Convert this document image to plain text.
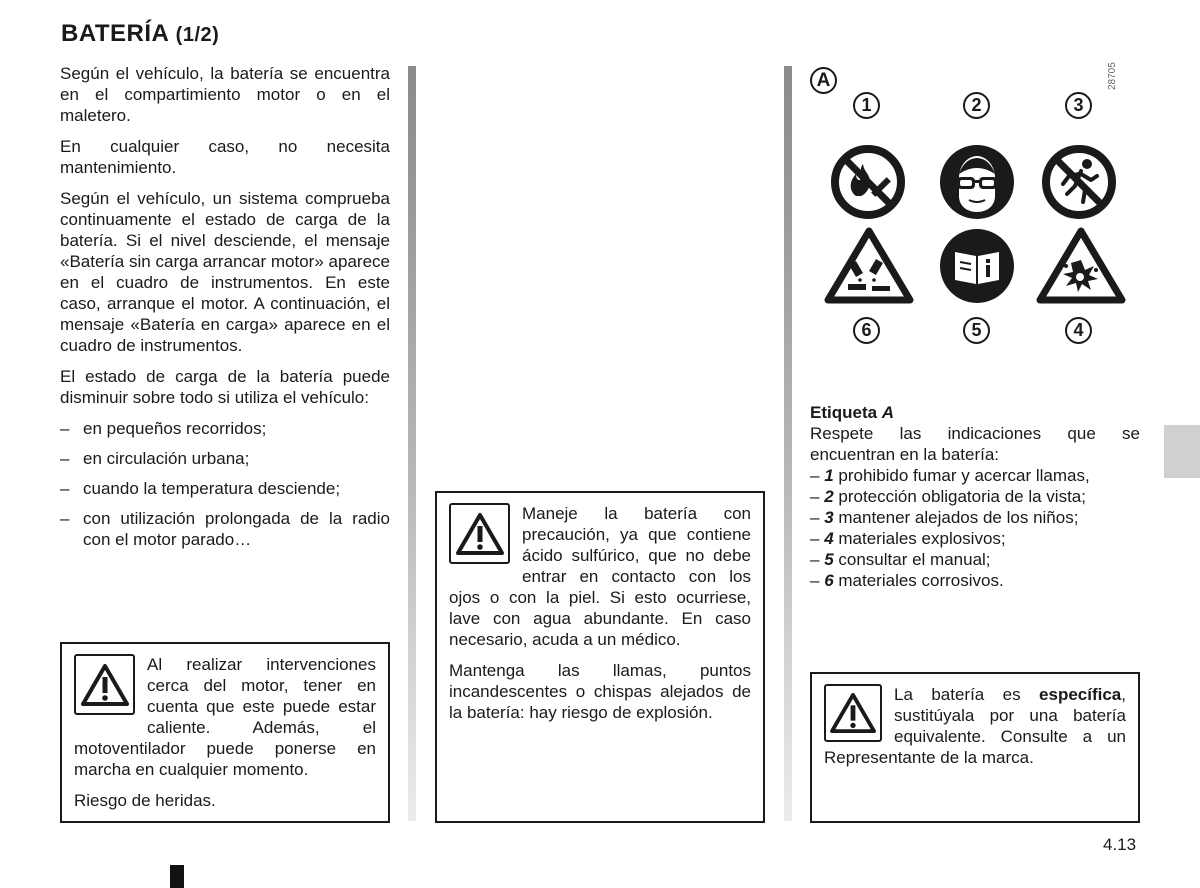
BATERÍA (1/2)

Según el vehículo, la batería se encuentra en el compartimiento motor o en el maletero.

En cualquier caso, no necesita mantenimiento.

Según el vehículo, un sistema comprueba continuamente el estado de carga de la batería. Si el nivel desciende, el mensaje «Batería sin carga arrancar motor» aparece en el cuadro de instrumentos. En este caso, arranque el motor. A continuación, el mensaje «Batería en carga» aparece en el cuadro de instrumentos.

El estado de carga de la batería puede disminuir sobre todo si utiliza el vehículo:

– en pequeños recorridos;
– en circulación urbana;
– cuando la temperatura desciende;
– con utilización prolongada de la radio con el motor parado…

Al realizar intervenciones cerca del motor, tener en cuenta que este puede estar caliente. Además, el motoventilador puede ponerse en marcha en cualquier momento.

Riesgo de heridas.

Maneje la batería con precaución, ya que contiene ácido sulfúrico, que no debe entrar en contacto con los ojos o con la piel. Si esto ocurriese, lave con agua abundante. En caso necesario, acuda a un médico.

Mantenga las llamas, puntos incandescentes o chispas alejados de la batería: hay riesgo de explosión.

A
1	2	3
6	5	4
28705
Etiqueta A
Respete las indicaciones que se encuentran en la batería:
– 1 prohibido fumar y acercar llamas,
– 2 protección obligatoria de la vista;
– 3 mantener alejados de los niños;
– 4 materiales explosivos;
– 5 consultar el manual;
– 6 materiales corrosivos.

La batería es específica, sustitúyala por una batería equivalente. Consulte a un Representante de la marca.

4.13
